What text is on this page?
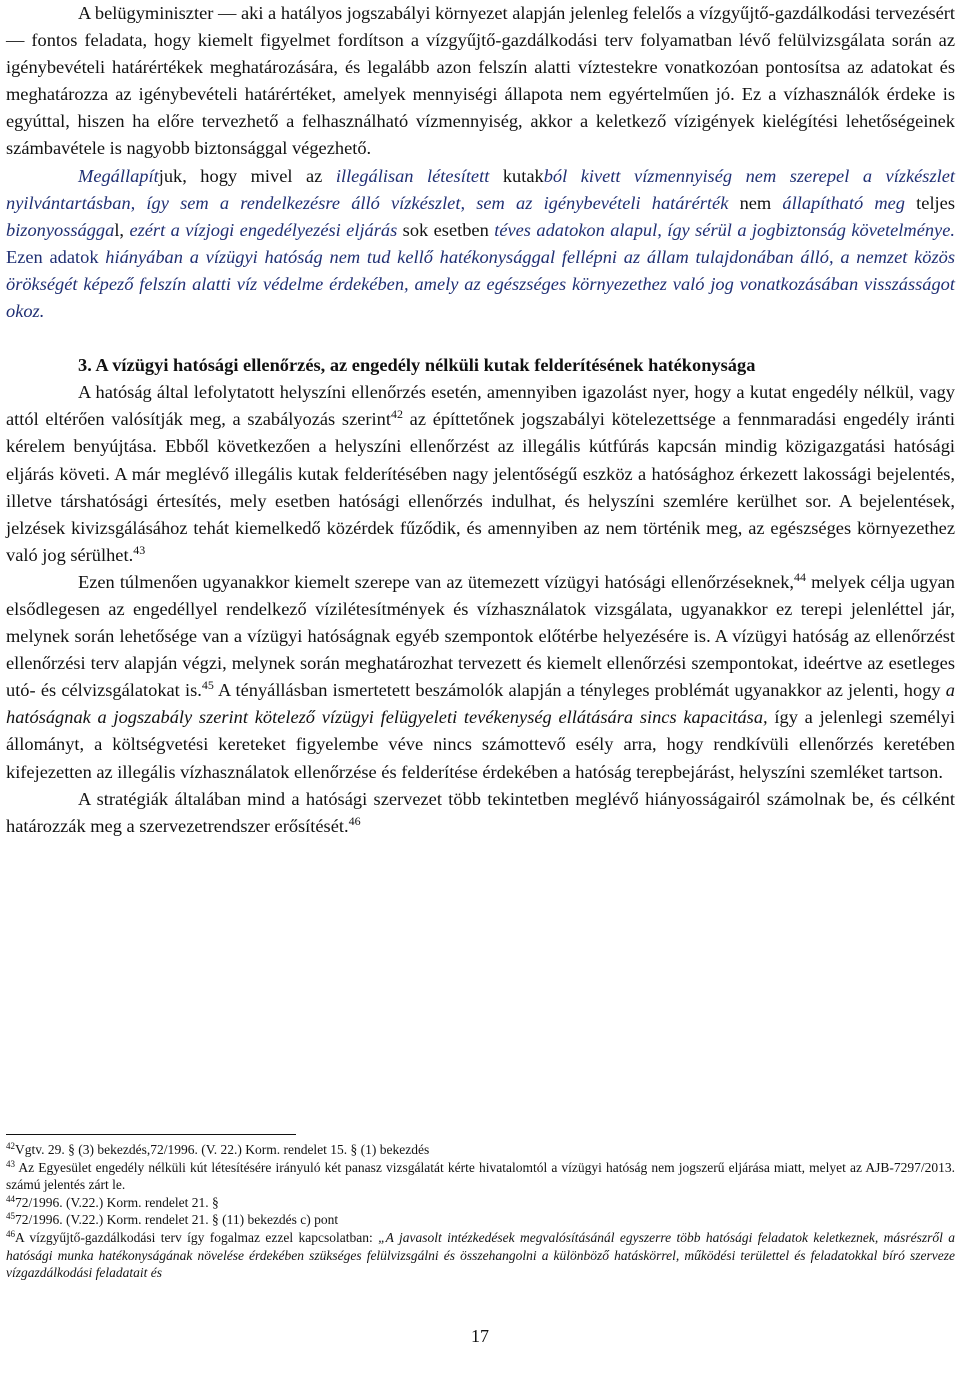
A belügyminiszter ― aki a hatályos jogszabályi környezet alapján jelenleg felelős a vízgyűjtő-gazdálkodási tervezésért ― fontos feladata, hogy kiemelt figyelmet fordítson a vízgyűjtő-gazdálkodási terv folyamatban lévő felülvizsgálata során az igénybevételi határértékek meghatározására, és legalább azon felszín alatti víztestekre vonatkozóan pontosítsa az adatokat és meghatározza az igénybevételi határértéket, amelyek mennyiségi állapota nem egyértelműen jó. Ez a vízhasználók érdeke is egyúttal, hiszen ha előre tervezhető a felhasználható vízmennyiség, akkor a keletkező vízigények kielégítési lehetőségeinek számbavétele is nagyobb biztonsággal végezhető.

Megállapítjuk, hogy mivel az illegálisan létesített kutakból kivett vízmennyiség nem szerepel a vízkészlet nyilvántartásban, így sem a rendelkezésre álló vízkészlet, sem az igénybevételi határérték nem állapítható meg teljes bizonyossággal, ezért a vízjogi engedélyezési eljárás sok esetben téves adatokon alapul, így sérül a jogbiztonság követelménye. Ezen adatok hiányában a vízügyi hatóság nem tud kellő hatékonysággal fellépni az állam tulajdonában álló, a nemzet közös örökségét képező felszín alatti víz védelme érdekében, amely az egészséges környezethez való jog vonatkozásában visszásságot okoz.

3. A vízügyi hatósági ellenőrzés, az engedély nélküli kutak felderítésének hatékonysága

A hatóság által lefolytatott helyszíni ellenőrzés esetén, amennyiben igazolást nyer, hogy a kutat engedély nélkül, vagy attól eltérően valósítják meg, a szabályozás szerint$^{42}$ az építtetőnek jogszabályi kötelezettsége a fennmaradási engedély iránti kérelem benyújtása. Ebből következően a helyszíni ellenőrzést az illegális kútfúrás kapcsán mindig közigazgatási hatósági eljárás követi. A már meglévő illegális kutak felderítésében nagy jelentőségű eszköz a hatósághoz érkezett lakossági bejelentés, illetve társhatósági értesítés, mely esetben hatósági ellenőrzés indulhat, és helyszíni szemlére kerülhet sor. A bejelentések, jelzések kivizsgálásához tehát kiemelkedő közérdek fűződik, és amennyiben az nem történik meg, az egészséges környezethez való jog sérülhet.$^{43}$

Ezen túlmenően ugyanakkor kiemelt szerepe van az ütemezett vízügyi hatósági ellenőrzéseknek,$^{44}$ melyek célja ugyan elsődlegesen az engedéllyel rendelkező vízilétesítmények és vízhasználatok vizsgálata, ugyanakkor ez terepi jelenléttel jár, melynek során lehetősége van a vízügyi hatóságnak egyéb szempontok előtérbe helyezésére is. A vízügyi hatóság az ellenőrzést ellenőrzési terv alapján végzi, melynek során meghatározhat tervezett és kiemelt ellenőrzési szempontokat, ideértve az esetleges utó- és célvizsgálatokat is.$^{45}$ A tényállásban ismertetett beszámolók alapján a tényleges problémát ugyanakkor az jelenti, hogy a hatóságnak a jogszabály szerint kötelező vízügyi felügyeleti tevékenység ellátására sincs kapacitása, így a jelenlegi személyi állományt, a költségvetési kereteket figyelembe véve nincs számottevő esély arra, hogy rendkívüli ellenőrzés keretében kifejezetten az illegális vízhasználatok ellenőrzése és felderítése érdekében a hatóság terepbejárást, helyszíni szemléket tartson.

A stratégiák általában mind a hatósági szervezet több tekintetben meglévő hiányosságairól számolnak be, és célként határozzák meg a szervezetrendszer erősítését.$^{46}$

$^{42}$Vgtv. 29. § (3) bekezdés,72/1996. (V. 22.) Korm. rendelet 15. § (1) bekezdés

$^{43}$ Az Egyesület engedély nélküli kút létesítésére irányuló két panasz vizsgálatát kérte hivatalomtól a vízügyi hatóság nem jogszerű eljárása miatt, melyet az AJB-7297/2013. számú jelentés zárt le.

$^{44}$72/1996. (V.22.) Korm. rendelet 21. §

$^{45}$72/1996. (V.22.) Korm. rendelet 21. § (11) bekezdés c) pont

$^{46}$A vízgyűjtő-gazdálkodási terv így fogalmaz ezzel kapcsolatban: „A javasolt intézkedések megvalósításánál egyszerre több hatósági feladatok keletkeznek, másrészről a hatósági munka hatékonyságának növelése érdekében szükséges felülvizsgálni és összehangolni a különböző hatáskörrel, működési területtel és feladatokkal bíró szerveze vízgazdálkodási feladatait és

17
